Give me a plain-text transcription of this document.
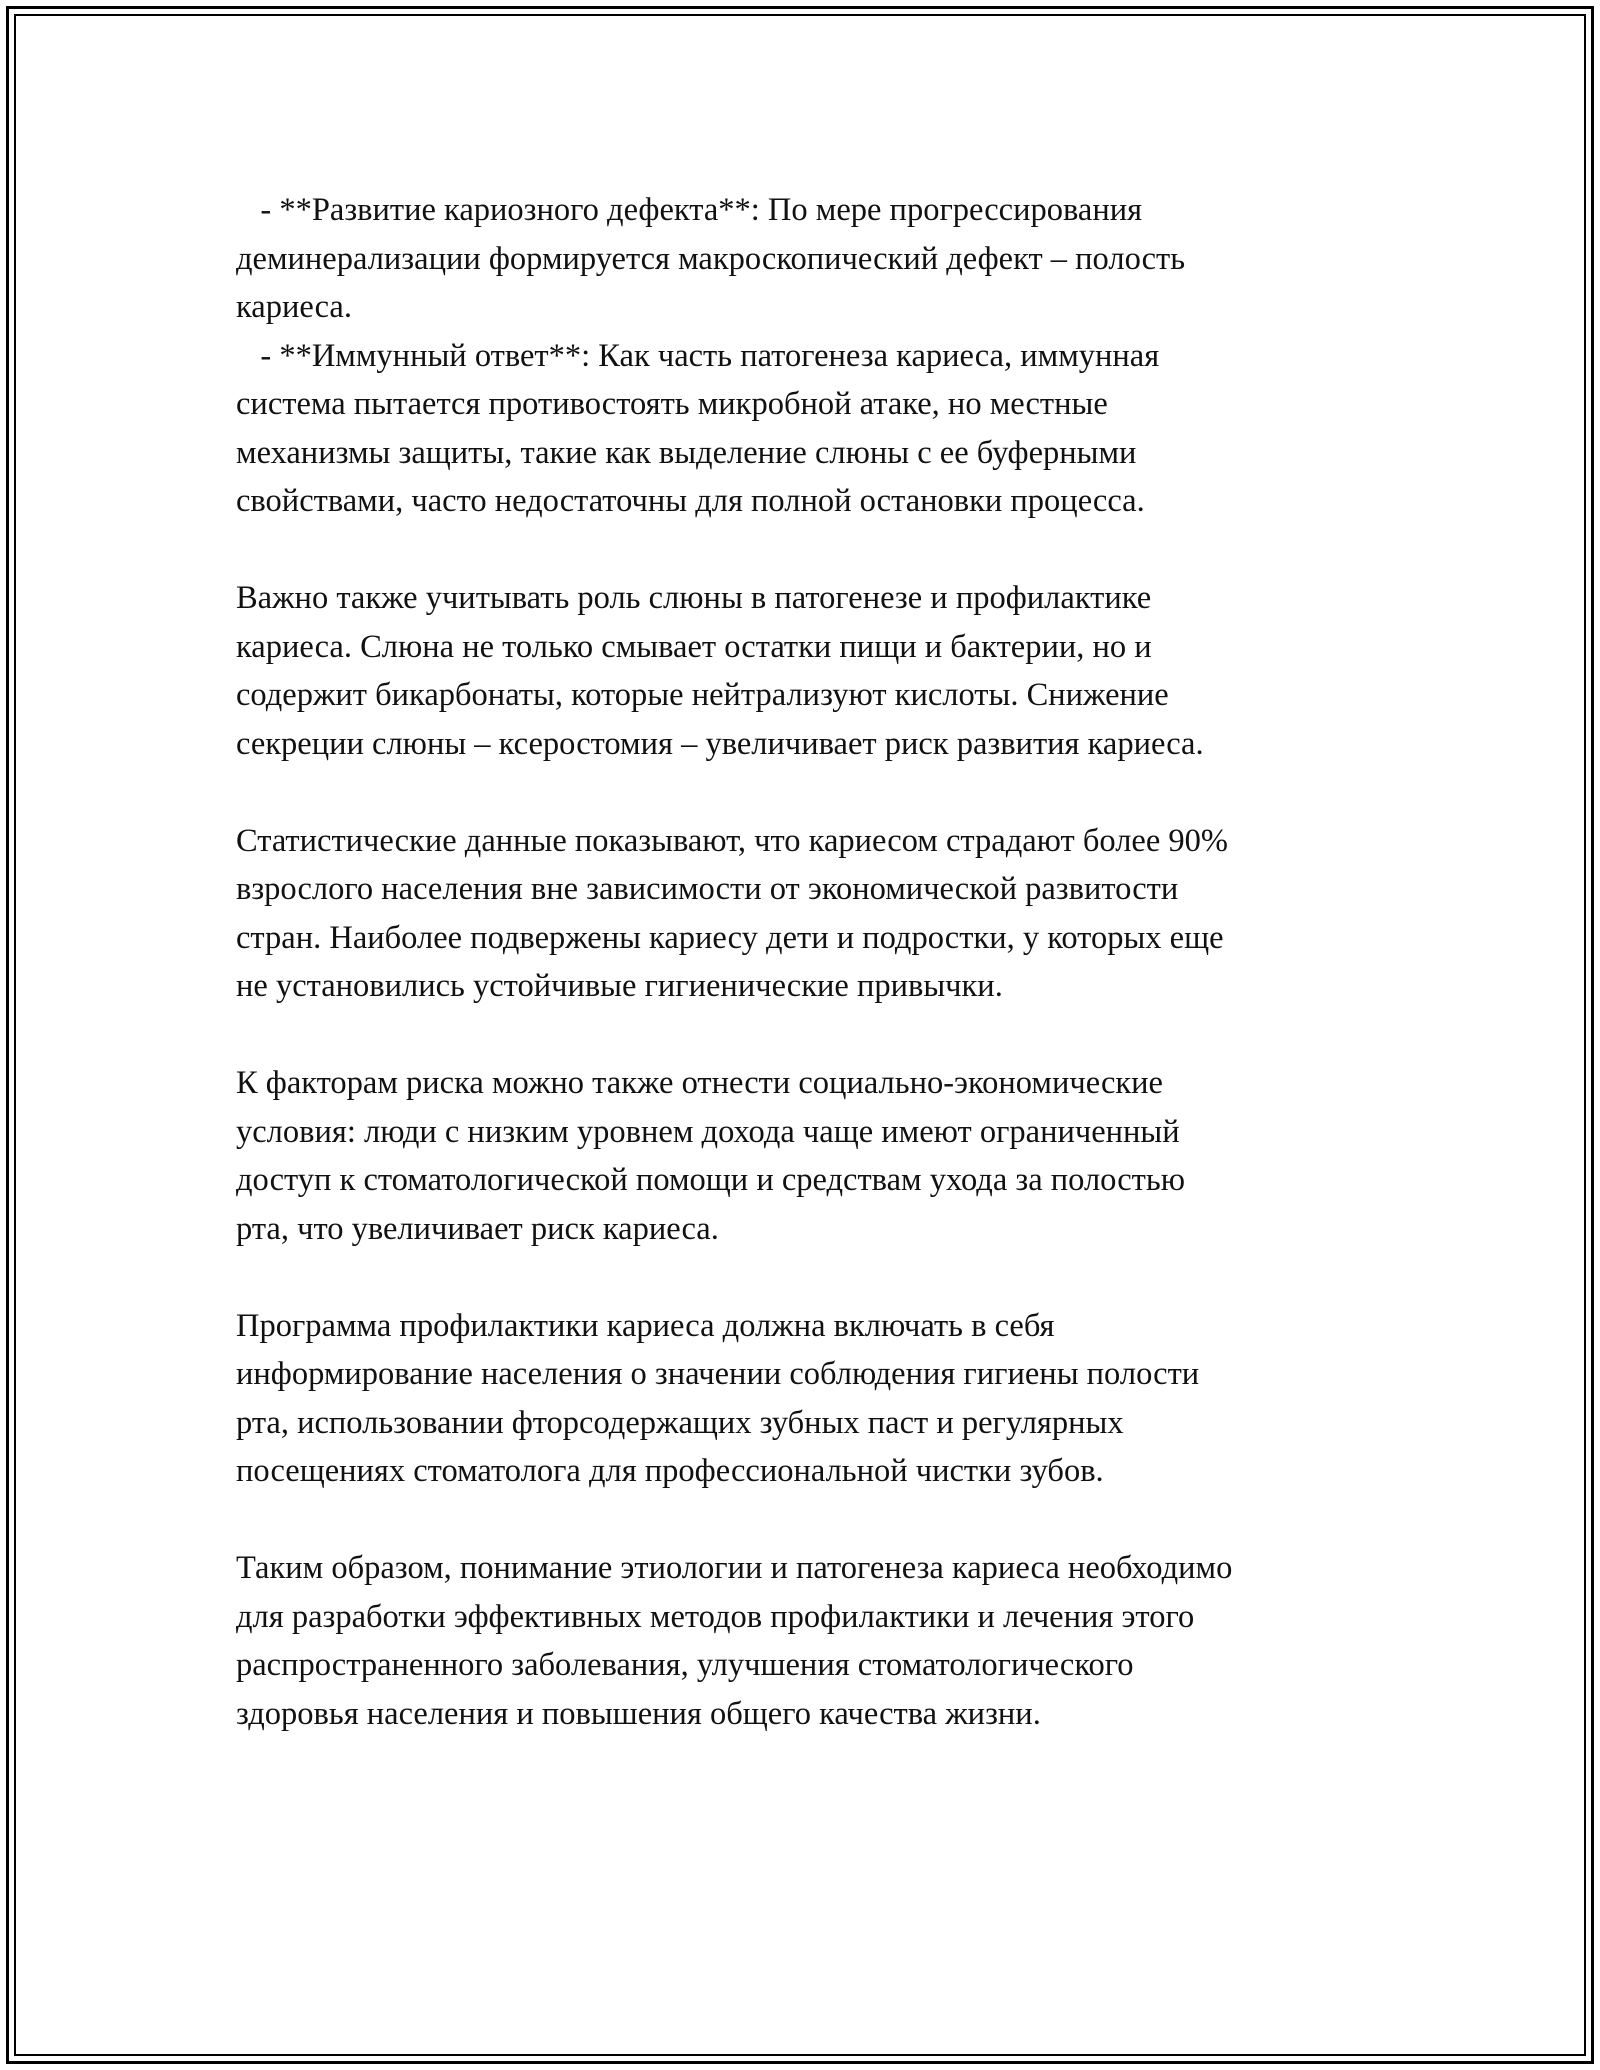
- **Развитие кариозного дефекта**: По мере прогрессирования
деминерализации формируется макроскопический дефект – полость
кариеса.

- **Иммунный ответ**: Как часть патогенеза кариеса, иммунная
система пытается противостоять микробной атаке, но местные
механизмы защиты, такие как выделение слюны с ее буферными
свойствами, часто недостаточны для полной остановки процесса.

Важно также учитывать роль слюны в патогенезе и профилактике
кариеса. Слюна не только смывает остатки пищи и бактерии, но и
содержит бикарбонаты, которые нейтрализуют кислоты. Снижение
секреции слюны – ксеростомия – увеличивает риск развития кариеса.

Статистические данные показывают, что кариесом страдают более 90%
взрослого населения вне зависимости от экономической развитости
стран. Наиболее подвержены кариесу дети и подростки, у которых еще
не установились устойчивые гигиенические привычки.

К факторам риска можно также отнести социально-экономические
условия: люди с низким уровнем дохода чаще имеют ограниченный
доступ к стоматологической помощи и средствам ухода за полостью
рта, что увеличивает риск кариеса.

Программа профилактики кариеса должна включать в себя
информирование населения о значении соблюдения гигиены полости
рта, использовании фторсодержащих зубных паст и регулярных
посещениях стоматолога для профессиональной чистки зубов.

Таким образом, понимание этиологии и патогенеза кариеса необходимо
для разработки эффективных методов профилактики и лечения этого
распространенного заболевания, улучшения стоматологического
здоровья населения и повышения общего качества жизни.
